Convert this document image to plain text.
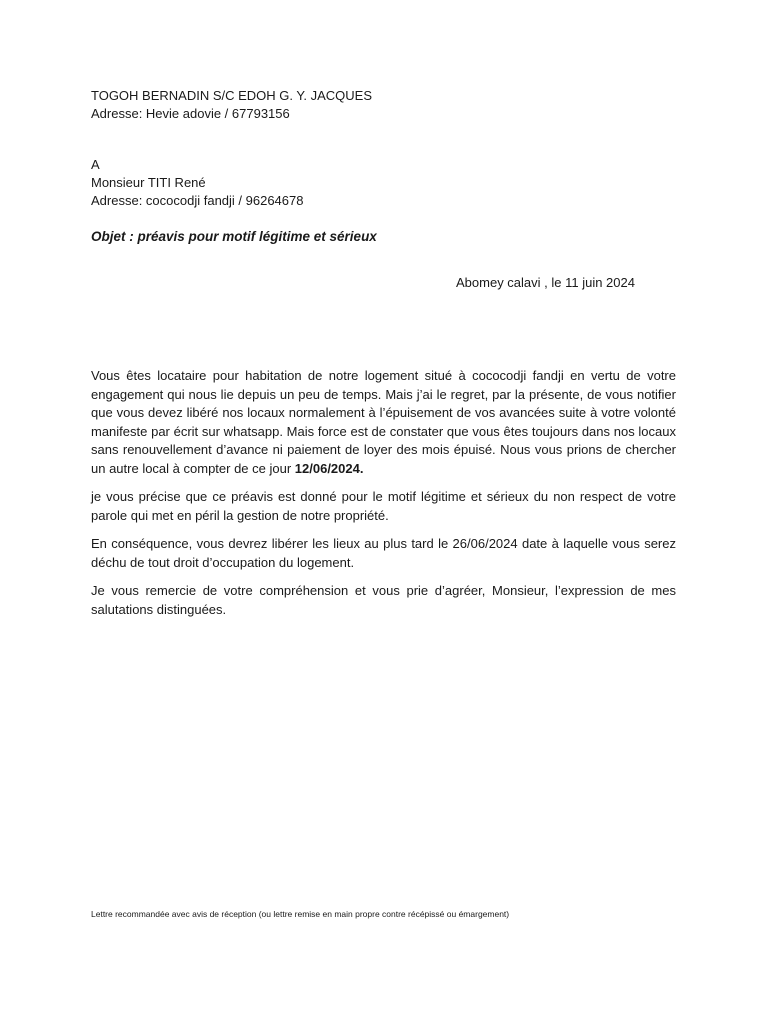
TOGOH BERNADIN S/C EDOH G. Y. JACQUES
Adresse: Hevie adovie / 67793156
A
Monsieur TITI René
Adresse: cococodji fandji / 96264678
Objet : préavis pour motif légitime et sérieux
Abomey calavi , le 11 juin 2024

Vous êtes locataire pour habitation de notre logement situé à cococodji fandji en vertu de votre engagement qui nous lie depuis un peu de temps. Mais j’ai le regret, par la présente, de vous notifier que vous devez libéré nos locaux normalement à l’épuisement de vos avancées suite à votre volonté manifeste par écrit sur whatsapp. Mais force est de constater que vous êtes toujours dans nos locaux sans renouvellement d’avance ni paiement de loyer des mois épuisé. Nous vous prions de chercher un autre local à compter de ce jour 12/06/2024.

je vous précise que ce préavis est donné pour le motif légitime et sérieux du non respect de votre parole qui met en péril la gestion de notre propriété.

En conséquence, vous devrez libérer les lieux au plus tard le 26/06/2024 date à laquelle vous serez déchu de tout droit d’occupation du logement.

Je vous remercie de votre compréhension et vous prie d’agréer, Monsieur, l’expression de mes salutations distinguées.

Lettre recommandée avec avis de réception (ou lettre remise en main propre contre récépissé ou émargement)
